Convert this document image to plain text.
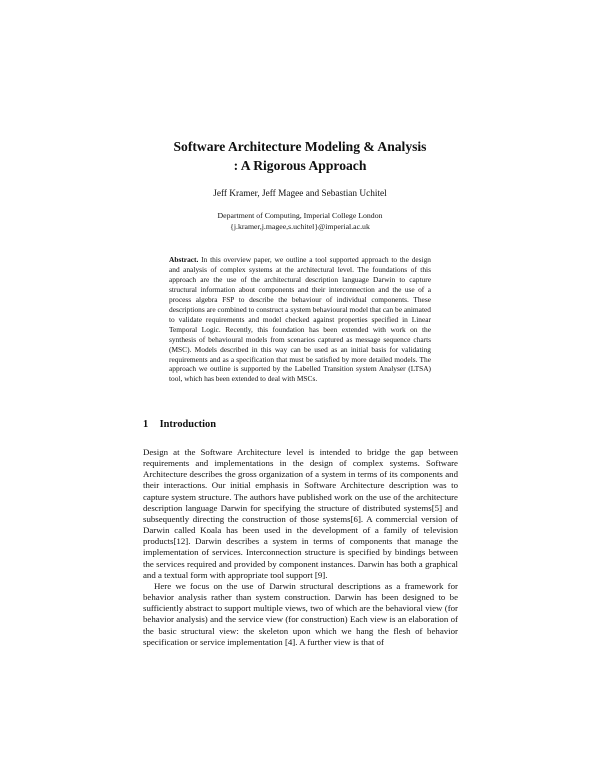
Software Architecture Modeling & Analysis
: A Rigorous Approach
Jeff Kramer, Jeff Magee and Sebastian Uchitel
Department of Computing, Imperial College London
{j.kramer,j.magee,s.uchitel}@imperial.ac.uk
Abstract. In this overview paper, we outline a tool supported approach to the design and analysis of complex systems at the architectural level. The foundations of this approach are the use of the architectural description language Darwin to capture structural information about components and their interconnection and the use of a process algebra FSP to describe the behaviour of individual components. These descriptions are combined to construct a system behavioural model that can be animated to validate requirements and model checked against properties specified in Linear Temporal Logic. Recently, this foundation has been extended with work on the synthesis of behavioural models from scenarios captured as message sequence charts (MSC). Models described in this way can be used as an initial basis for validating requirements and as a specification that must be satisfied by more detailed models. The approach we outline is supported by the Labelled Transition system Analyser (LTSA) tool, which has been extended to deal with MSCs.
1 Introduction

Design at the Software Architecture level is intended to bridge the gap between requirements and implementations in the design of complex systems. Software Architecture describes the gross organization of a system in terms of its components and their interactions. Our initial emphasis in Software Architecture description was to capture system structure. The authors have published work on the use of the architecture description language Darwin for specifying the structure of distributed systems[5] and subsequently directing the construction of those systems[6]. A commercial version of Darwin called Koala has been used in the development of a family of television products[12]. Darwin describes a system in terms of components that manage the implementation of services. Interconnection structure is specified by bindings between the services required and provided by component instances. Darwin has both a graphical and a textual form with appropriate tool support [9].

Here we focus on the use of Darwin structural descriptions as a framework for behavior analysis rather than system construction. Darwin has been designed to be sufficiently abstract to support multiple views, two of which are the behavioral view (for behavior analysis) and the service view (for construction) Each view is an elaboration of the basic structural view: the skeleton upon which we hang the flesh of behavior specification or service implementation [4]. A further view is that of
